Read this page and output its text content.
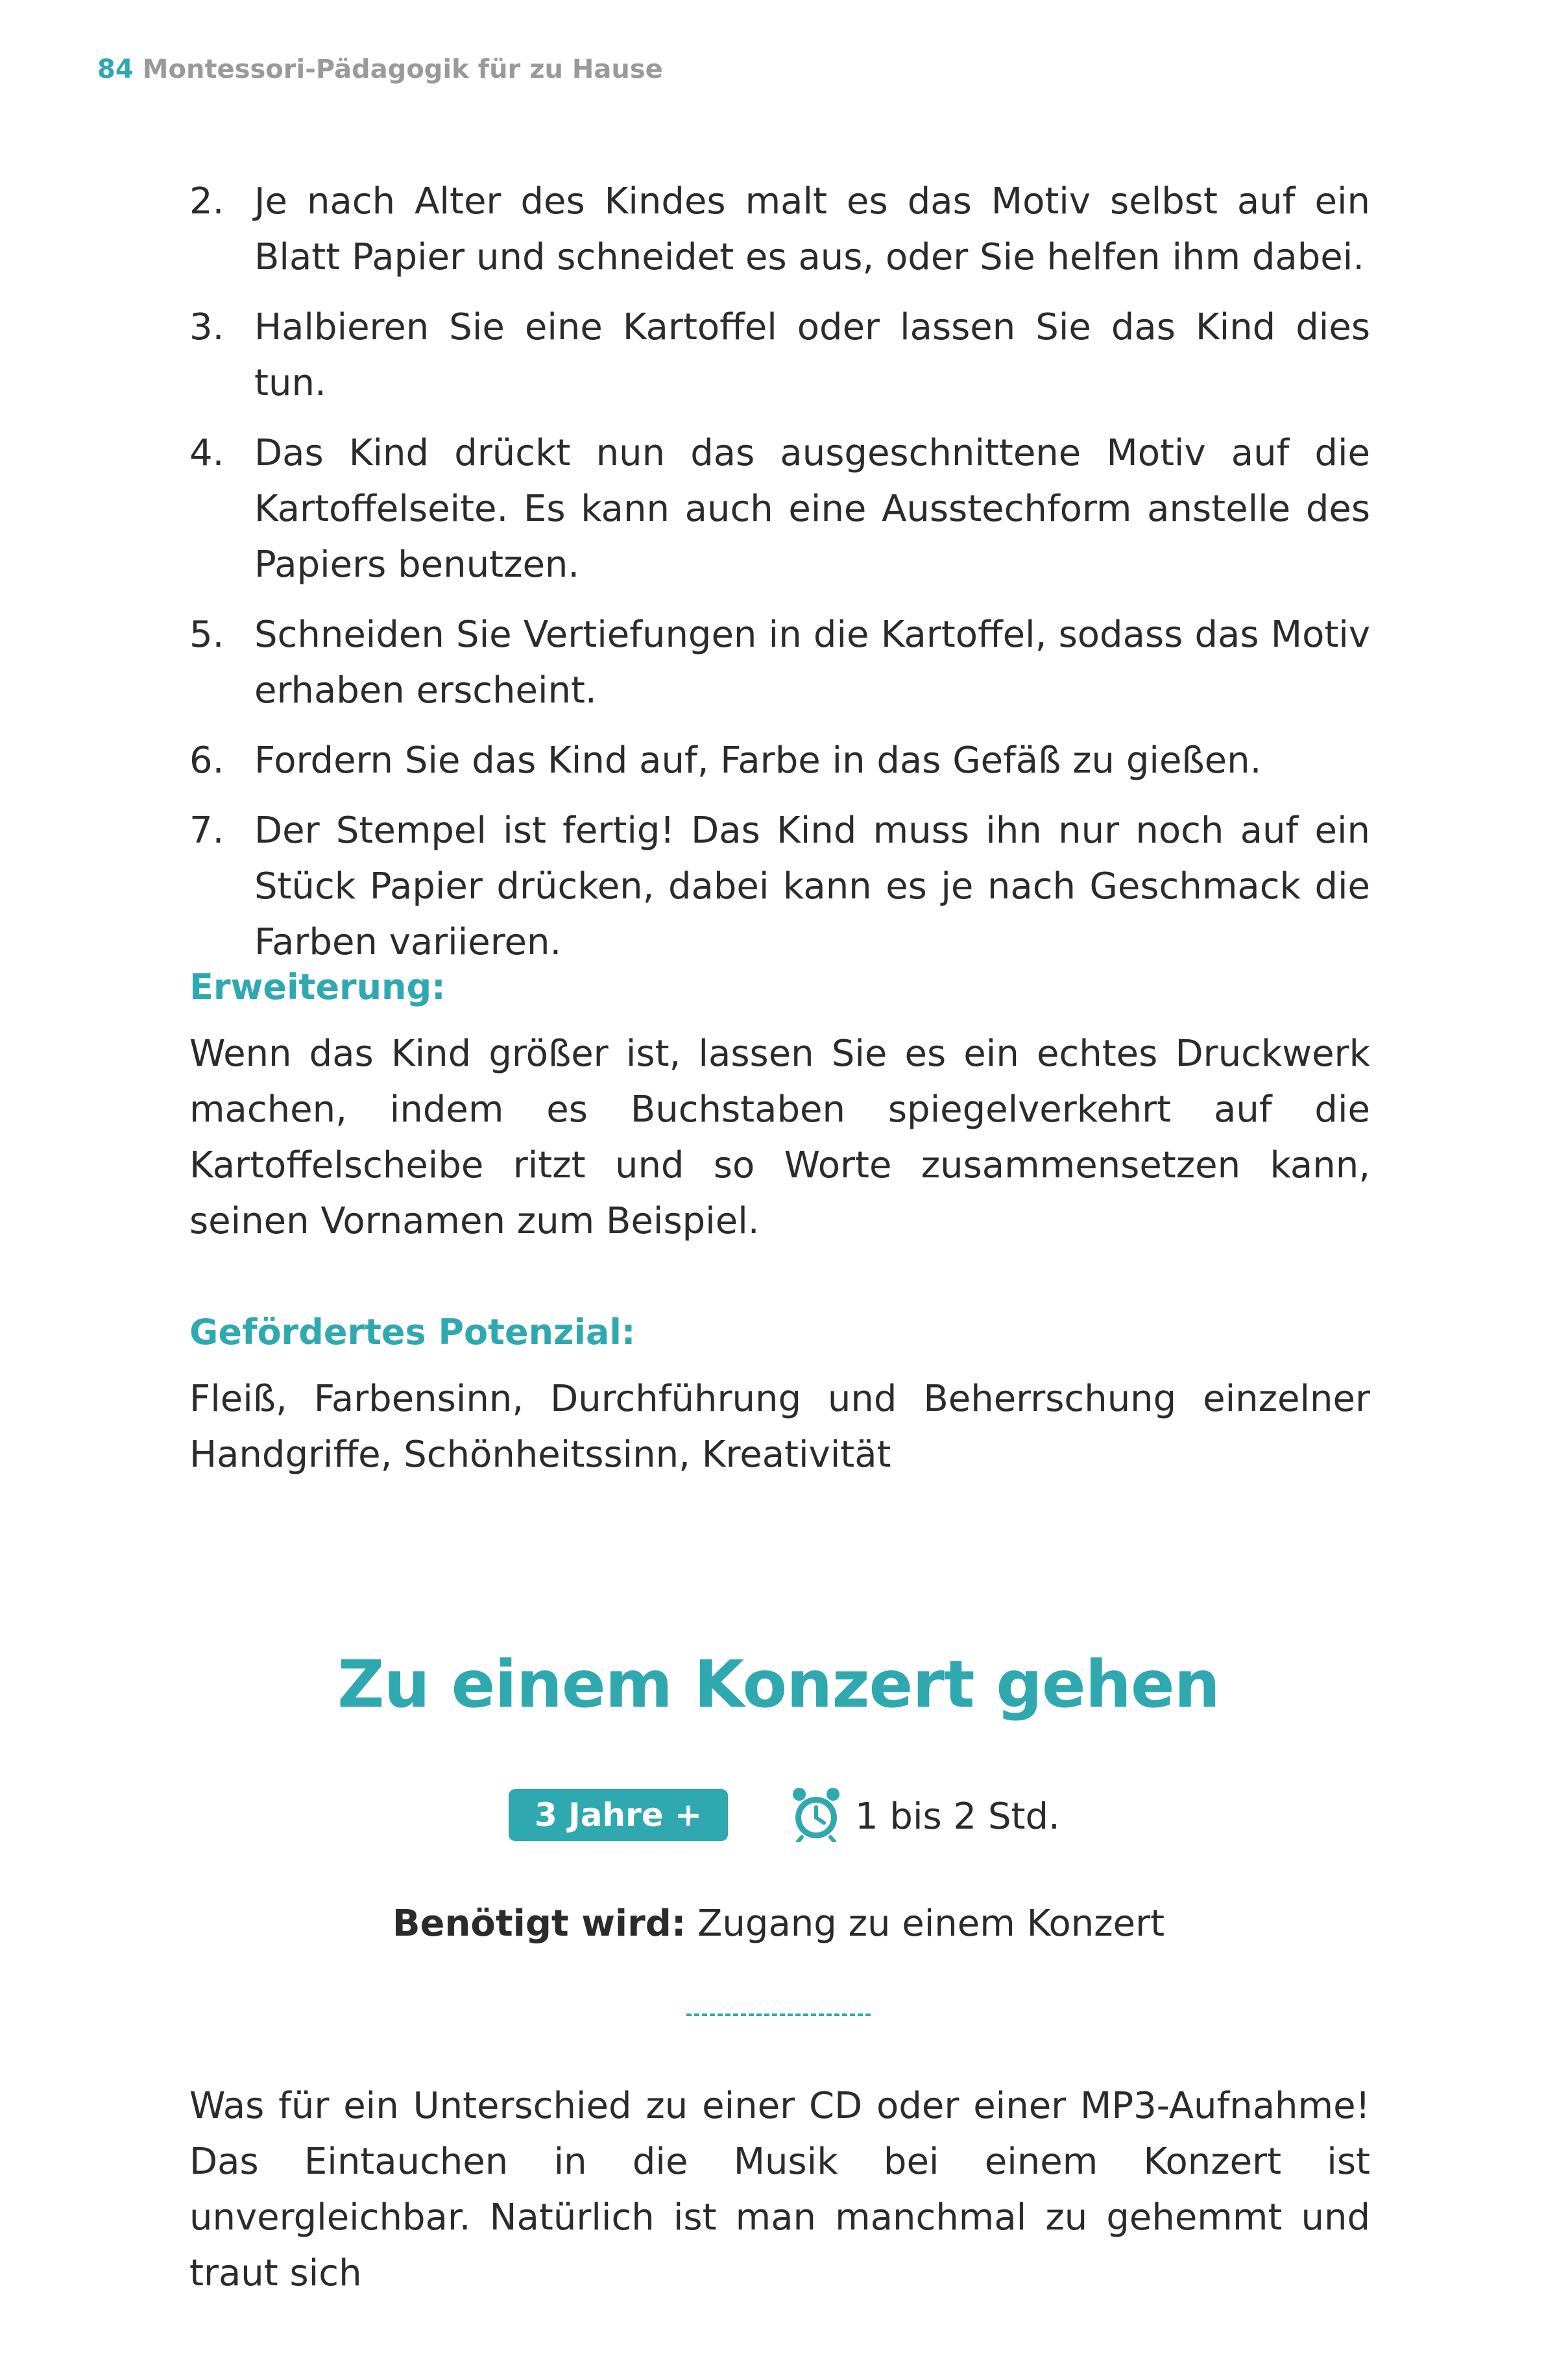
84 Montessori-Pädagogik für zu Hause
2. Je nach Alter des Kindes malt es das Motiv selbst auf ein Blatt Papier und schneidet es aus, oder Sie helfen ihm dabei.
3. Halbieren Sie eine Kartoffel oder lassen Sie das Kind dies tun.
4. Das Kind drückt nun das ausgeschnittene Motiv auf die Kartoffelseite. Es kann auch eine Ausstechform anstelle des Papiers benutzen.
5. Schneiden Sie Vertiefungen in die Kartoffel, sodass das Motiv erhaben erscheint.
6. Fordern Sie das Kind auf, Farbe in das Gefäß zu gießen.
7. Der Stempel ist fertig! Das Kind muss ihn nur noch auf ein Stück Papier drücken, dabei kann es je nach Geschmack die Farben variieren.
Erweiterung:
Wenn das Kind größer ist, lassen Sie es ein echtes Druckwerk machen, indem es Buchstaben spiegelverkehrt auf die Kartoffelscheibe ritzt und so Worte zusammensetzen kann, seinen Vornamen zum Beispiel.
Gefördertes Potenzial:
Fleiß, Farbensinn, Durchführung und Beherrschung einzelner Handgriffe, Schönheitssinn, Kreativität
Zu einem Konzert gehen
3 Jahre +	1 bis 2 Std.
Benötigt wird: Zugang zu einem Konzert
Was für ein Unterschied zu einer CD oder einer MP3-Aufnahme! Das Eintauchen in die Musik bei einem Konzert ist unvergleichbar. Natürlich ist man manchmal zu gehemmt und traut sich
